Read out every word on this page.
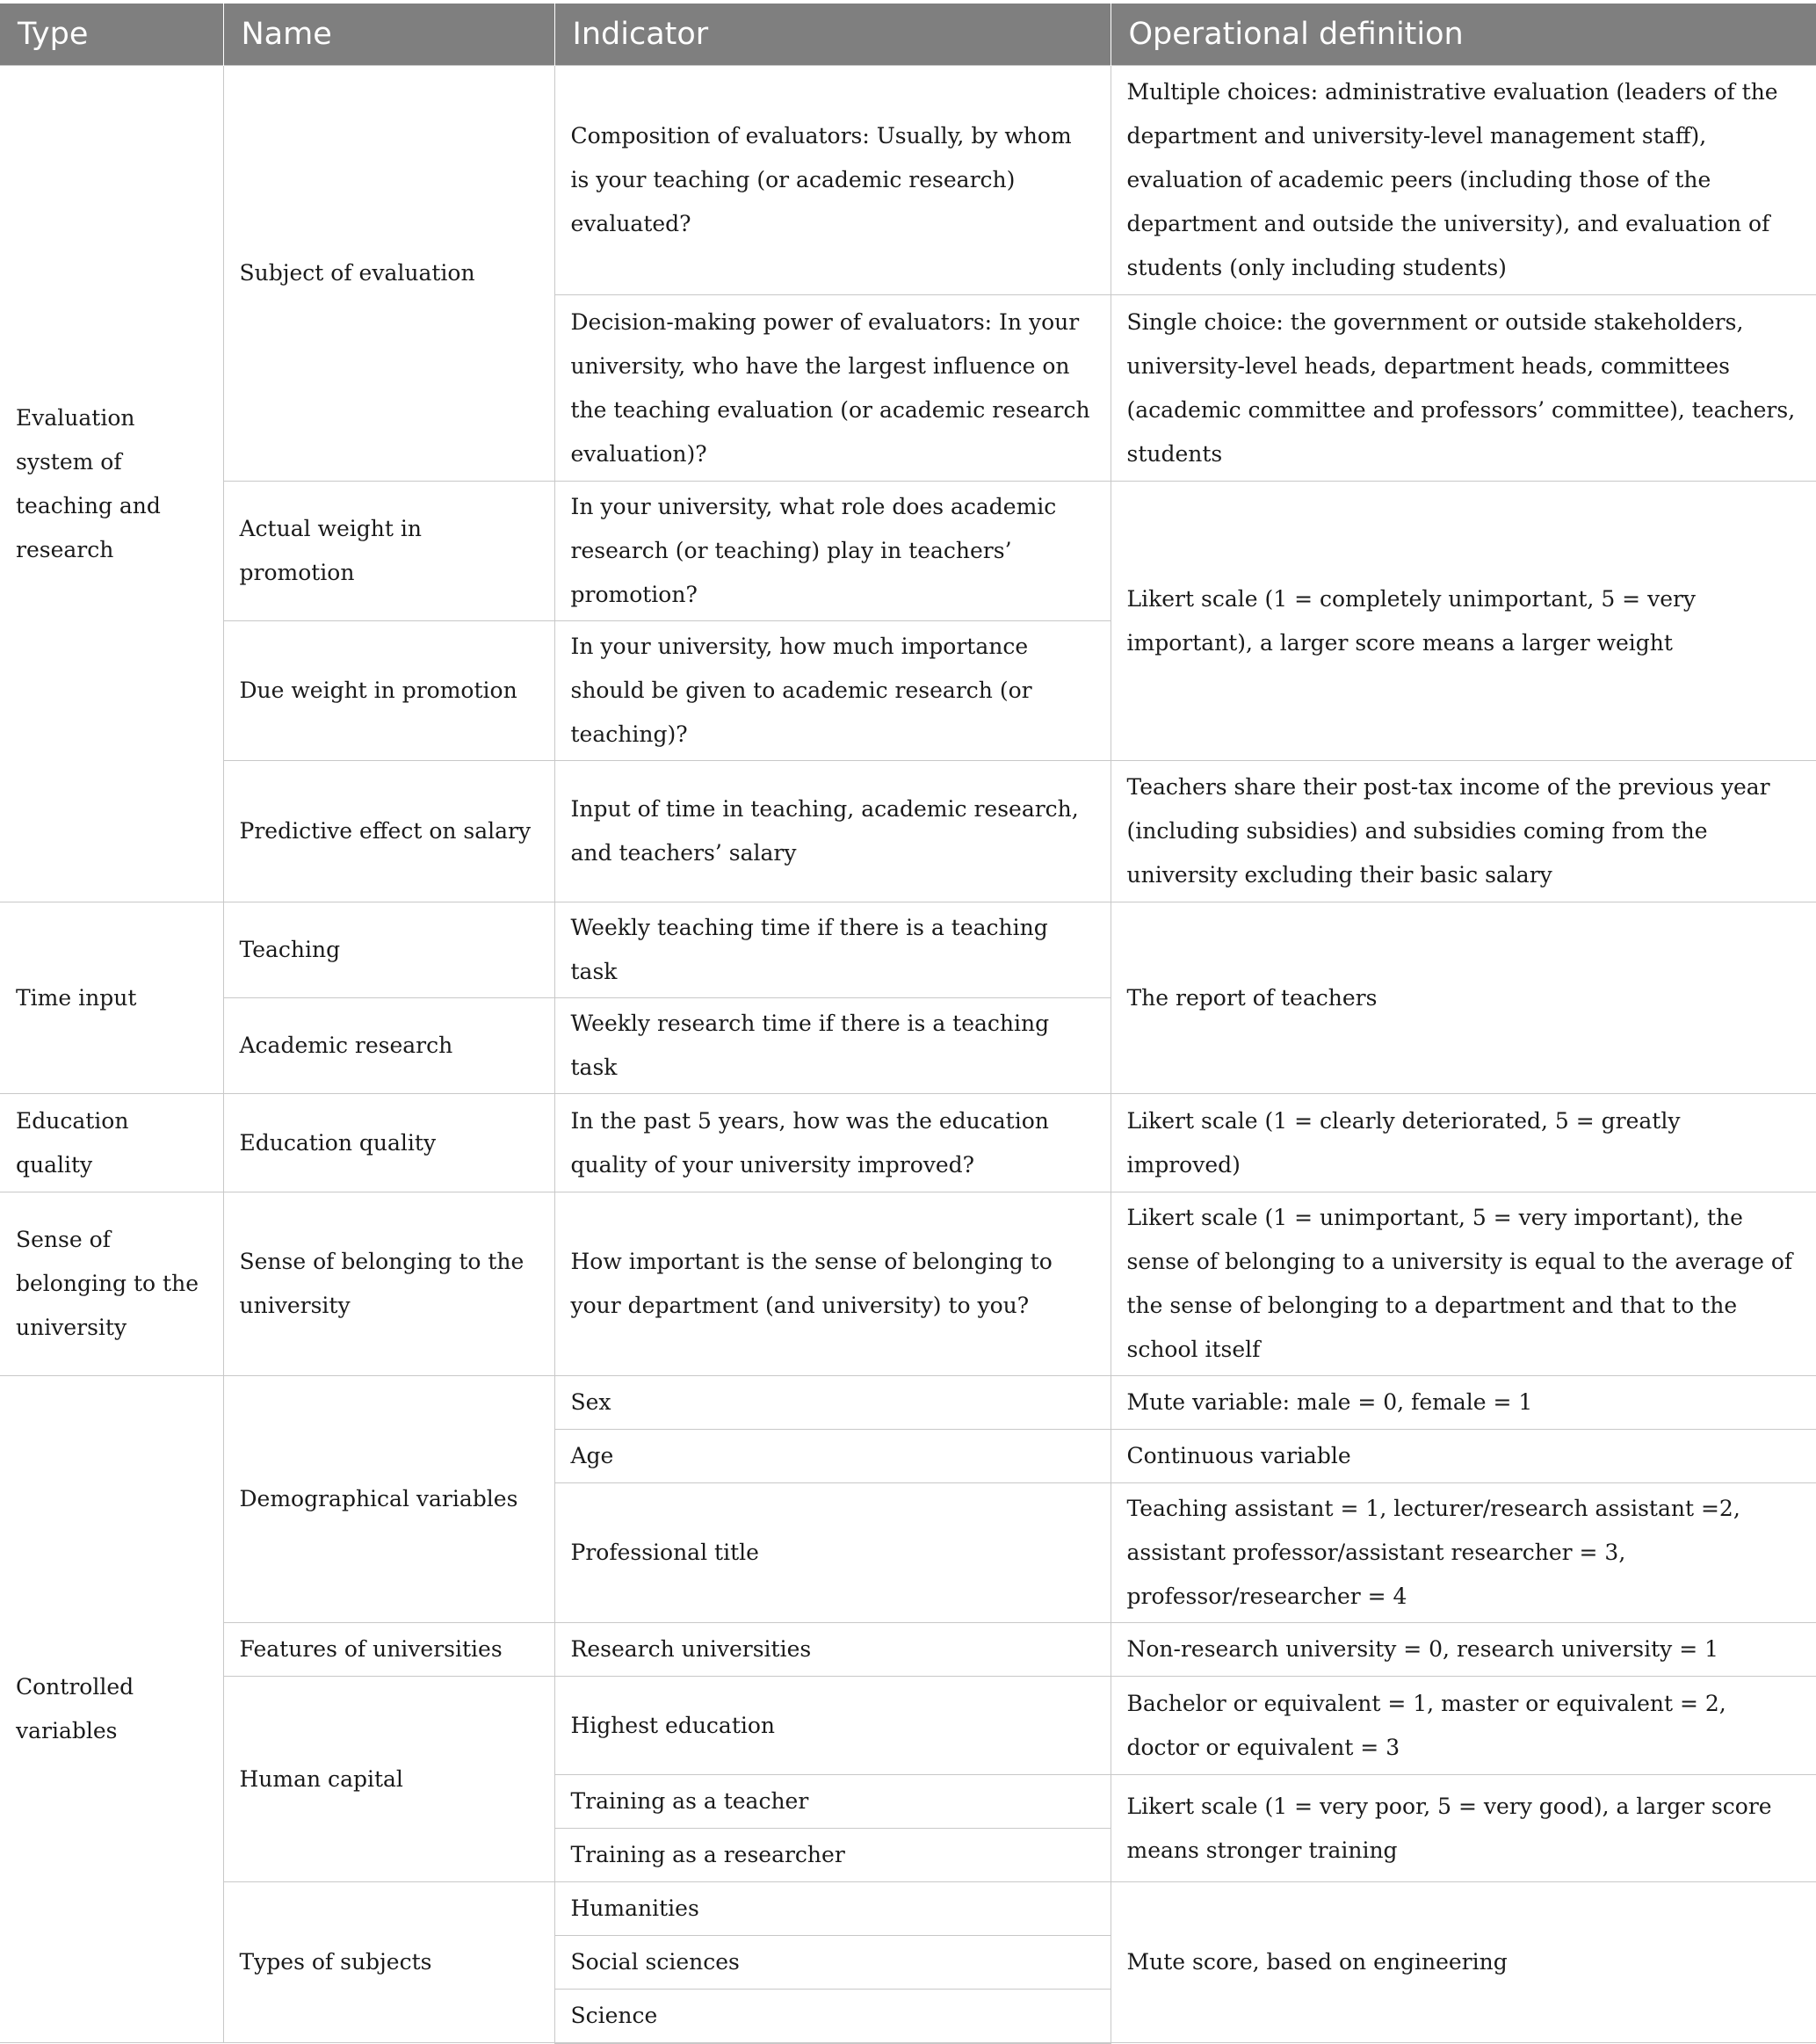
Type	Name	Indicator	Operational definition
Evaluation system of teaching and research	Subject of evaluation	Composition of evaluators: Usually, by whom is your teaching (or academic research) evaluated?	Multiple choices: administrative evaluation (leaders of the department and university-level management staff), evaluation of academic peers (including those of the department and outside the university), and evaluation of students (only including students)
		Decision-making power of evaluators: In your university, who have the largest influence on the teaching evaluation (or academic research evaluation)?	Single choice: the government or outside stakeholders, university-level heads, department heads, committees (academic committee and professors’ committee), teachers, students
	Actual weight in promotion	In your university, what role does academic research (or teaching) play in teachers’ promotion?	Likert scale (1 = completely unimportant, 5 = very important), a larger score means a larger weight
	Due weight in promotion	In your university, how much importance should be given to academic research (or teaching)?	
	Predictive effect on salary	Input of time in teaching, academic research, and teachers’ salary	Teachers share their post-tax income of the previous year (including subsidies) and subsidies coming from the university excluding their basic salary
Time input	Teaching	Weekly teaching time if there is a teaching task	The report of teachers
	Academic research	Weekly research time if there is a teaching task	
Education quality	Education quality	In the past 5 years, how was the education quality of your university improved?	Likert scale (1 = clearly deteriorated, 5 = greatly improved)
Sense of belonging to the university	Sense of belonging to the university	How important is the sense of belonging to your department (and university) to you?	Likert scale (1 = unimportant, 5 = very important), the sense of belonging to a university is equal to the average of the sense of belonging to a department and that to the school itself
Controlled variables	Demographical variables	Sex	Mute variable: male = 0, female = 1
		Age	Continuous variable
		Professional title	Teaching assistant = 1, lecturer/research assistant =2, assistant professor/assistant researcher = 3, professor/researcher = 4
	Features of universities	Research universities	Non-research university = 0, research university = 1
	Human capital	Highest education	Bachelor or equivalent = 1, master or equivalent = 2, doctor or equivalent = 3
		Training as a teacher	Likert scale (1 = very poor, 5 = very good), a larger score means stronger training
		Training as a researcher	
	Types of subjects	Humanities	Mute score, based on engineering
		Social sciences	
		Science	
